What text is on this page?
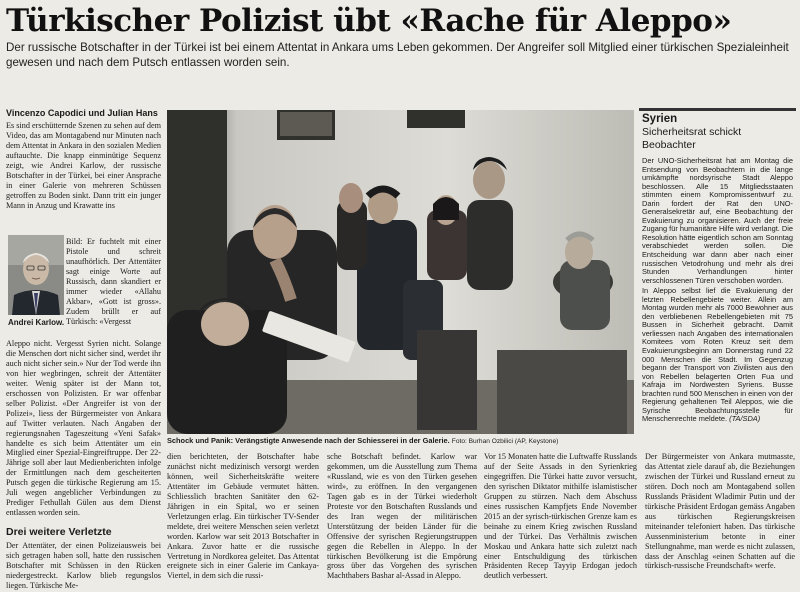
Türkischer Polizist übt «Rache für Aleppo»
Der russische Botschafter in der Türkei ist bei einem Attentat in Ankara ums Leben gekommen. Der Angreifer soll Mitglied einer türkischen Spezialeinheit gewesen und nach dem Putsch entlassen worden sein.
Vincenzo Capodici und Julian Hans
Es sind erschütternde Szenen zu sehen auf dem Video, das am Montagabend nur Minuten nach dem Attentat in Ankara in den sozialen Medien auftauchte. Die knapp einminütige Sequenz zeigt, wie Andrei Karlow, der russische Botschafter in der Türkei, bei einer Ansprache in einer Galerie von mehreren Schüssen getroffen zu Boden sinkt. Dann tritt ein junger Mann in Anzug und Krawatte ins
Andrei Karlow.
Bild: Er fuchtelt mit einer Pistole und schreit unaufhörlich. Der Attentäter sagt einige Worte auf Russisch, dann skandiert er immer wieder «Allahu Akbar», «Gott ist gross». Zudem brüllt er auf Türkisch: «Vergesst
Aleppo nicht. Vergesst Syrien nicht. Solange die Menschen dort nicht sicher sind, werdet ihr auch nicht sicher sein.» Nur der Tod werde ihn von hier wegbringen, schreit der Attentäter weiter. Wenig später ist der Mann tot, erschossen von Polizisten. Er war offenbar selber Polizist. «Der Angreifer ist von der Polizei», liess der Bürgermeister von Ankara auf Twitter verlauten. Nach Angaben der regierungsnahen Tageszeitung «Yeni Safak» handelte es sich beim Attentäter um ein Mitglied einer Spezial-Eingreiftruppe. Der 22-Jährige soll aber laut Medienberichten infolge der Ermittlungen nach dem gescheiterten Putsch gegen die türkische Regierung am 15. Juli wegen angeblicher Verbindungen zu Prediger Fethullah Gülen aus dem Dienst entlassen worden sein.
Drei weitere Verletzte
Der Attentäter, der einen Polizeiausweis bei sich getragen haben soll, hatte den russischen Botschafter mit Schüssen in den Rücken niedergestreckt. Karlow blieb regungslos liegen. Türkische Me-
Schock und Panik: Verängstigte Anwesende nach der Schiesserei in der Galerie. Foto: Burhan Ozbilici (AP, Keystone)
dien berichteten, der Botschafter habe zunächst nicht medizinisch versorgt werden können, weil Sicherheitskräfte weitere Attentäter im Gebäude vermutet hätten. Schliesslich brachten Sanitäter den 62-Jährigen in ein Spital, wo er seinen Verletzungen erlag. Ein türkischer TV-Sender meldete, drei weitere Menschen seien verletzt worden. Karlow war seit 2013 Botschafter in Ankara. Zuvor hatte er die russische Vertretung in Nordkorea geleitet. Das Attentat ereignete sich in einer Galerie im Cankaya-Viertel, in dem sich die russi-
sche Botschaft befindet. Karlow war gekommen, um die Ausstellung zum Thema «Russland, wie es von den Türken gesehen wird», zu eröffnen. In den vergangenen Tagen gab es in der Türkei wiederholt Proteste vor den Botschaften Russlands und des Iran wegen der militärischen Unterstützung der beiden Länder für die Offensive der syrischen Regierungstruppen gegen die Rebellen in Aleppo. In der türkischen Bevölkerung ist die Empörung gross über das Vorgehen des syrischen Machthabers Bashar al-Assad in Aleppo.
Vor 15 Monaten hatte die Luftwaffe Russlands auf der Seite Assads in den Syrienkrieg eingegriffen. Die Türkei hatte zuvor versucht, den syrischen Diktator mithilfe islamistischer Gruppen zu stürzen. Nach dem Abschuss eines russischen Kampfjets Ende November 2015 an der syrisch-türkischen Grenze kam es beinahe zu einem Krieg zwischen Russland und der Türkei. Das Verhältnis zwischen Moskau und Ankara hatte sich zuletzt nach einer Entschuldigung des türkischen Präsidenten Recep Tayyip Erdogan jedoch deutlich verbessert.
Der Bürgermeister von Ankara mutmasste, das Attentat ziele darauf ab, die Beziehungen zwischen der Türkei und Russland erneut zu stören. Doch noch am Montagabend sollen Russlands Präsident Wladimir Putin und der türkische Präsident Erdogan gemäss Angaben aus türkischen Regierungskreisen miteinander telefoniert haben. Das türkische Aussenministerium betonte in einer Stellungnahme, man werde es nicht zulassen, dass der Anschlag «einen Schatten auf die türkisch-russische Freundschaft» werfe.
Syrien
Sicherheitsrat schickt Beobachter

Der UNO-Sicherheitsrat hat am Montag die Entsendung von Beobachtern in die lange umkämpfte nordsyrische Stadt Aleppo beschlossen. Alle 15 Mitgliedsstaaten stimmten einem Kompromissentwurf zu. Darin fordert der Rat den UNO-Generalsekretär auf, eine Beobachtung der Evakuierung zu organisieren. Auch der freie Zugang für humanitäre Hilfe wird verlangt. Die Resolution hätte eigentlich schon am Sonntag verabschiedet werden sollen. Die Entscheidung war dann aber nach einer russischen Vetodrohung und mehr als drei Stunden Verhandlungen hinter verschlossenen Türen verschoben worden.

In Aleppo selbst lief die Evakuierung der letzten Rebellengebiete weiter. Allein am Montag wurden mehr als 7000 Bewohner aus den verbliebenen Rebellengebieten mit 75 Bussen in Sicherheit gebracht. Damit verliessen nach Angaben des internationalen Komitees vom Roten Kreuz seit dem Evakuierungsbeginn am Donnerstag rund 22 000 Menschen die Stadt. Im Gegenzug begann der Transport von Zivilisten aus den von Rebellen belagerten Orten Fua und Kafraja im Nordwesten Syriens. Busse brachten rund 500 Menschen in einen von der Regierung gehaltenen Teil Aleppos, wie die Syrische Beobachtungsstelle für Menschenrechte meldete. (TA/SDA)
